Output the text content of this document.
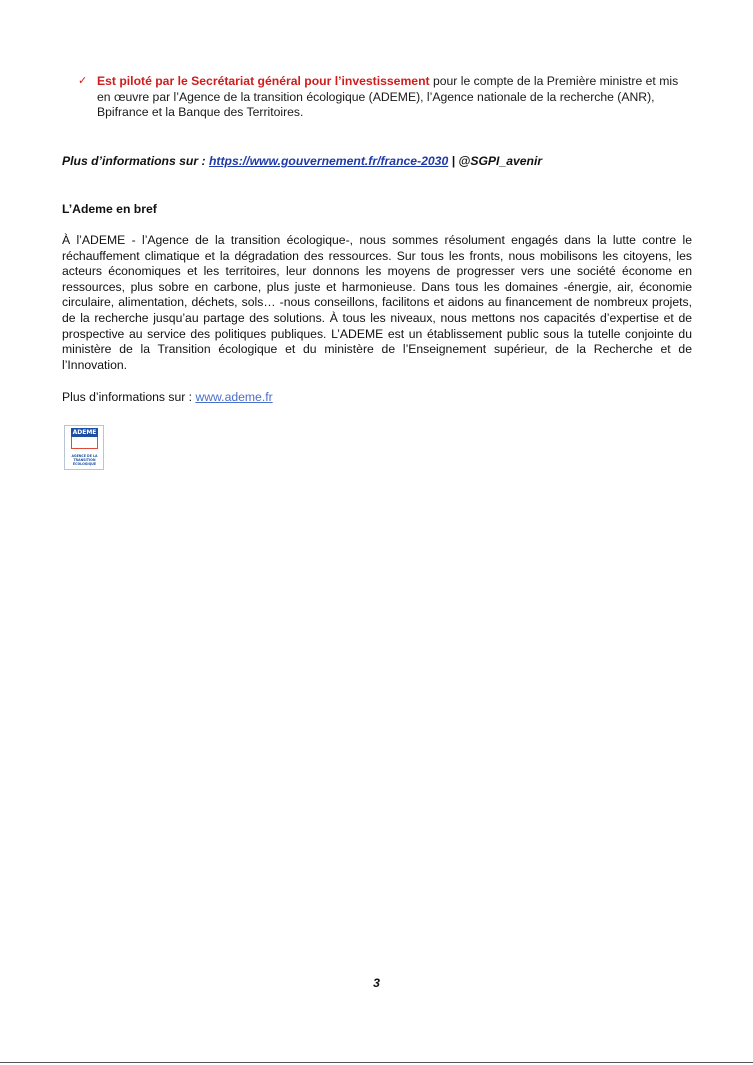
✓ Est piloté par le Secrétariat général pour l’investissement pour le compte de la Première ministre et mis en œuvre par l’Agence de la transition écologique (ADEME), l’Agence nationale de la recherche (ANR), Bpifrance et la Banque des Territoires.
Plus d’informations sur : https://www.gouvernement.fr/france-2030 | @SGPI_avenir
L’Ademe en bref
À l’ADEME - l’Agence de la transition écologique-, nous sommes résolument engagés dans la lutte contre le réchauffement climatique et la dégradation des ressources. Sur tous les fronts, nous mobilisons les citoyens, les acteurs économiques et les territoires, leur donnons les moyens de progresser vers une société économe en ressources, plus sobre en carbone, plus juste et harmonieuse. Dans tous les domaines -énergie, air, économie circulaire, alimentation, déchets, sols… -nous conseillons, facilitons et aidons au financement de nombreux projets, de la recherche jusqu’au partage des solutions. À tous les niveaux, nous mettons nos capacités d’expertise et de prospective au service des politiques publiques. L’ADEME est un établissement public sous la tutelle conjointe du ministère de la Transition écologique et du ministère de l’Enseignement supérieur, de la Recherche et de l’Innovation.
Plus d’informations sur : www.ademe.fr
ADEME
AGENCE DE LA TRANSITION ÉCOLOGIQUE
3
